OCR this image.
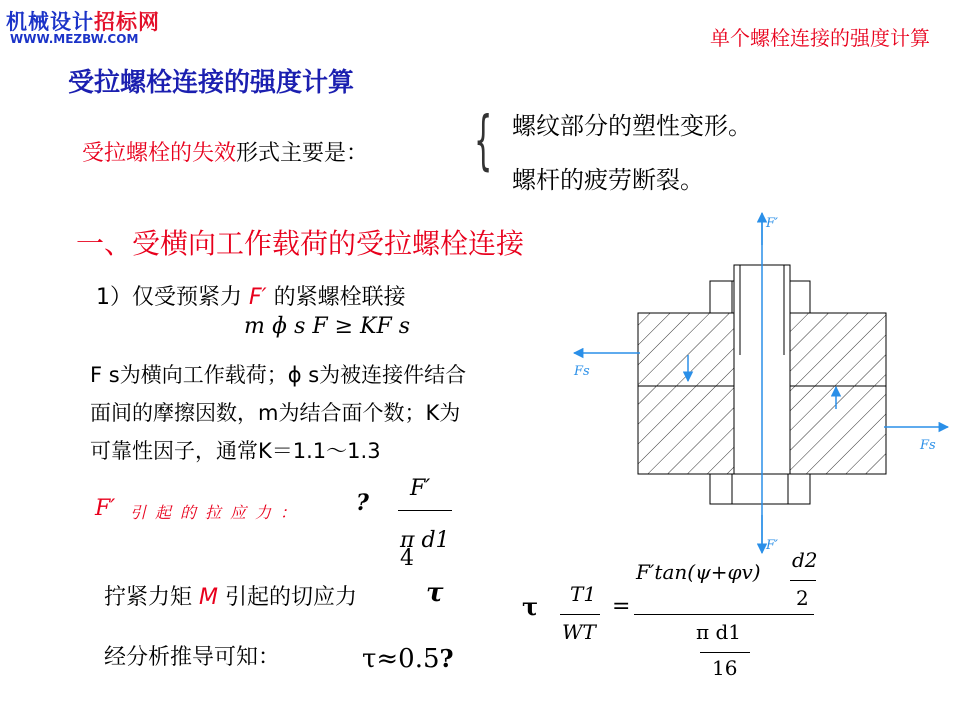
机械设计招标网
WWW.MEZBW.COM	单个螺栓连接的强度计算
受拉螺栓连接的强度计算
受拉螺栓的失效形式主要是： { 螺纹部分的塑性变形。
螺杆的疲劳断裂。
一、受横向工作载荷的受拉螺栓连接
1）仅受预紧力 F′ 的紧螺栓联接
m ɸ s F ≥ KF s
F s为横向工作载荷；ɸ s为被连接件结合
面间的摩擦因数，m为结合面个数；K为
可靠性因子，通常K＝1.1～1.3
F′ 引起的拉应力： ?
F′
π d1
4
拧紧力矩 M 引起的切应力	τ
经分析推导可知：	τ≈0.5?
τ T1
WT
=
F′tan(ψ+φv) d2
2
π d1
16
F′
Fs
Fs
F′
